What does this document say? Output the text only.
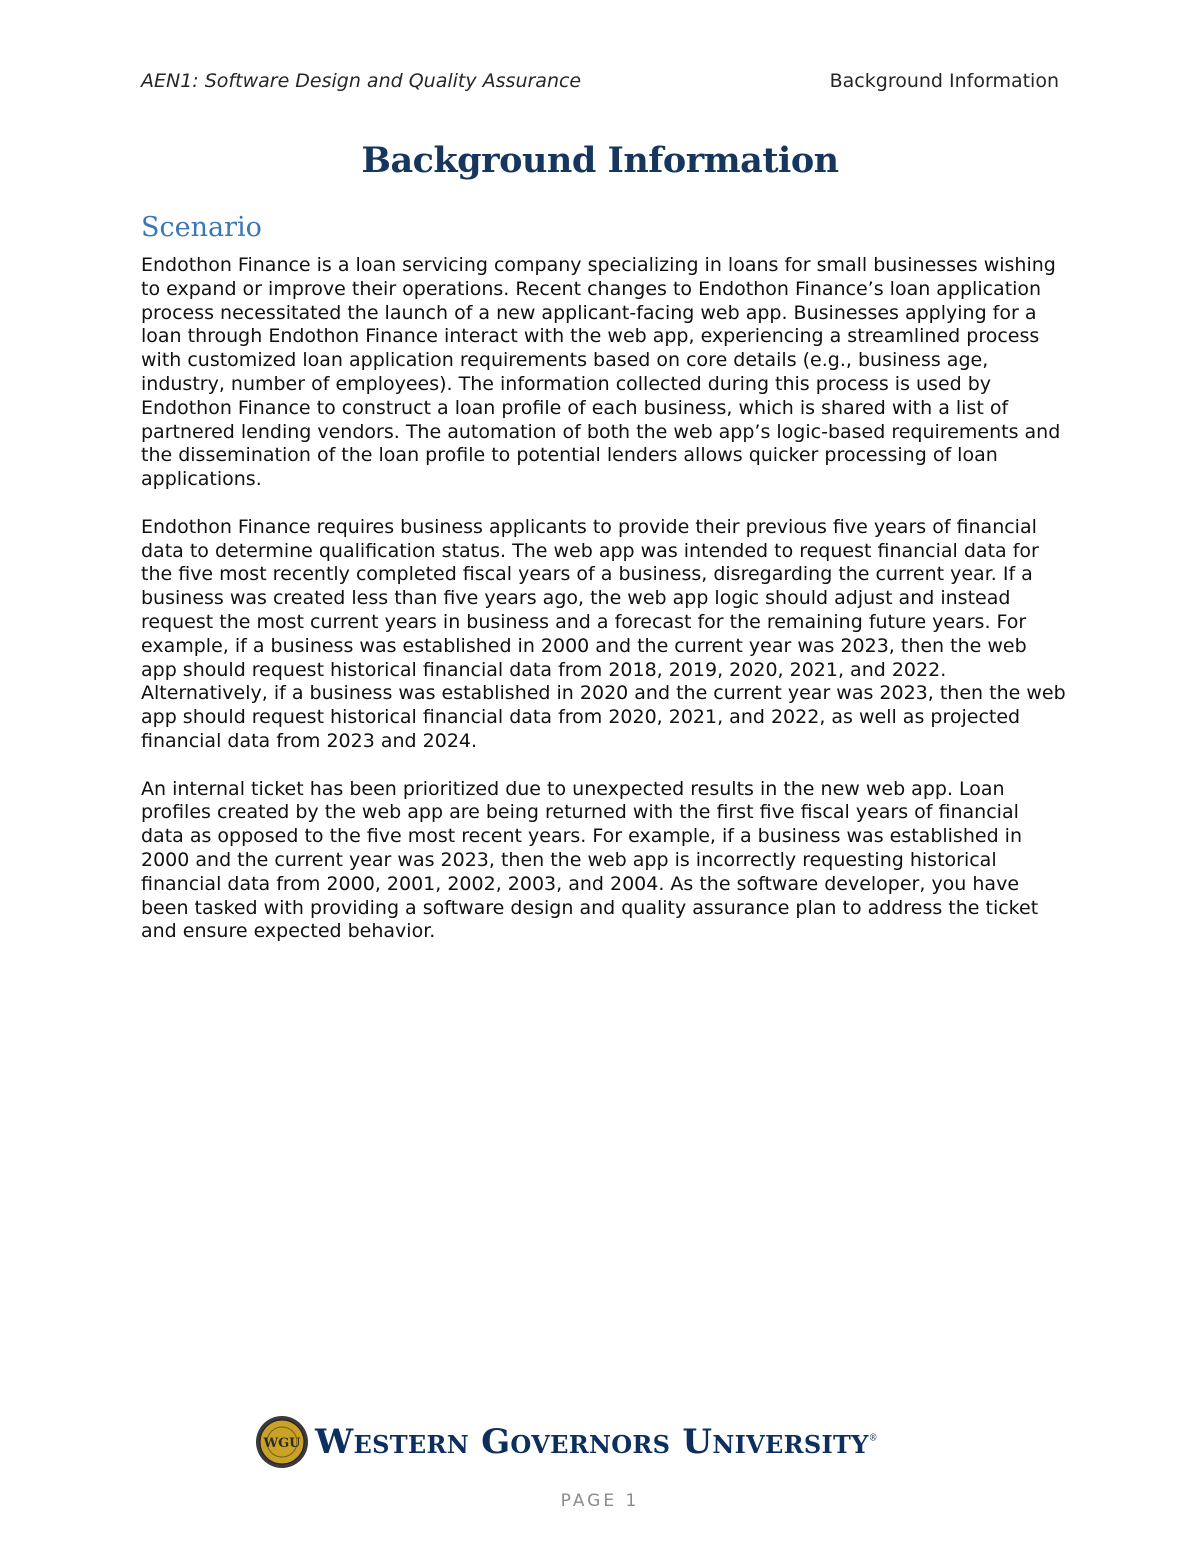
AEN1: Software Design and Quality Assurance	Background Information
Background Information
Scenario

Endothon Finance is a loan servicing company specializing in loans for small businesses wishing to expand or improve their operations. Recent changes to Endothon Finance’s loan application process necessitated the launch of a new applicant-facing web app. Businesses applying for a loan through Endothon Finance interact with the web app, experiencing a streamlined process with customized loan application requirements based on core details (e.g., business age, industry, number of employees). The information collected during this process is used by Endothon Finance to construct a loan profile of each business, which is shared with a list of partnered lending vendors. The automation of both the web app’s logic-based requirements and the dissemination of the loan profile to potential lenders allows quicker processing of loan applications.

Endothon Finance requires business applicants to provide their previous five years of financial data to determine qualification status. The web app was intended to request financial data for the five most recently completed fiscal years of a business, disregarding the current year. If a business was created less than five years ago, the web app logic should adjust and instead request the most current years in business and a forecast for the remaining future years. For example, if a business was established in 2000 and the current year was 2023, then the web app should request historical financial data from 2018, 2019, 2020, 2021, and 2022. Alternatively, if a business was established in 2020 and the current year was 2023, then the web app should request historical financial data from 2020, 2021, and 2022, as well as projected financial data from 2023 and 2024.

An internal ticket has been prioritized due to unexpected results in the new web app. Loan profiles created by the web app are being returned with the first five fiscal years of financial data as opposed to the five most recent years. For example, if a business was established in 2000 and the current year was 2023, then the web app is incorrectly requesting historical financial data from 2000, 2001, 2002, 2003, and 2004. As the software developer, you have been tasked with providing a software design and quality assurance plan to address the ticket and ensure expected behavior.

WGU Western Governors University®
PAGE 1
